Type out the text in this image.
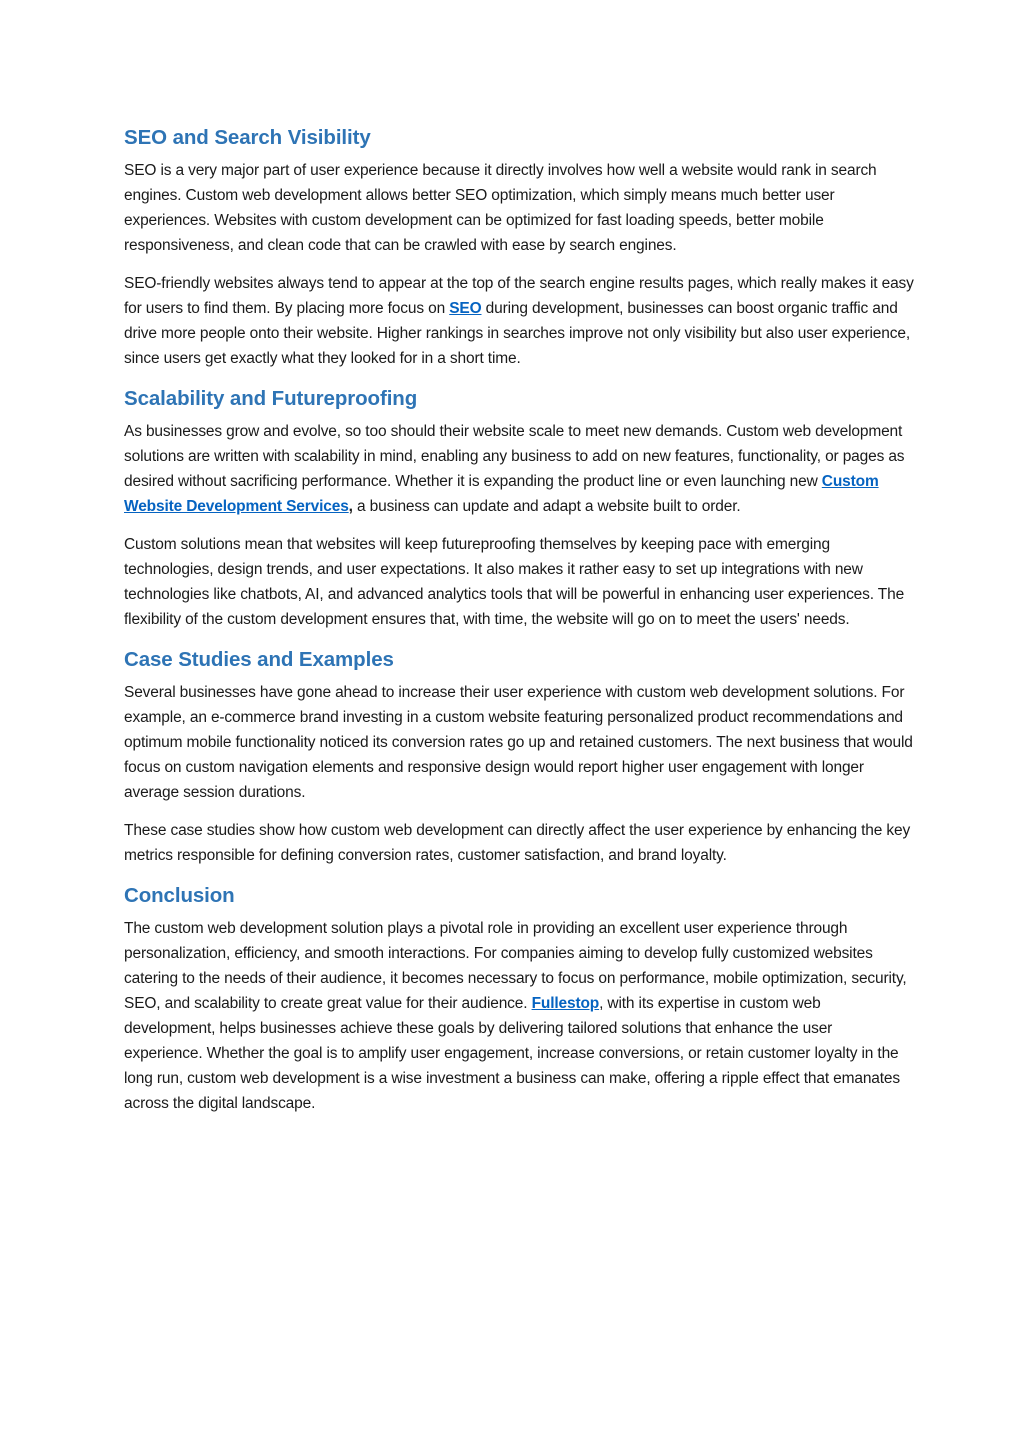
SEO and Search Visibility

SEO is a very major part of user experience because it directly involves how well a website would rank in search engines. Custom web development allows better SEO optimization, which simply means much better user experiences. Websites with custom development can be optimized for fast loading speeds, better mobile responsiveness, and clean code that can be crawled with ease by search engines.

SEO-friendly websites always tend to appear at the top of the search engine results pages, which really makes it easy for users to find them. By placing more focus on SEO during development, businesses can boost organic traffic and drive more people onto their website. Higher rankings in searches improve not only visibility but also user experience, since users get exactly what they looked for in a short time.

Scalability and Futureproofing

As businesses grow and evolve, so too should their website scale to meet new demands. Custom web development solutions are written with scalability in mind, enabling any business to add on new features, functionality, or pages as desired without sacrificing performance. Whether it is expanding the product line or even launching new Custom Website Development Services, a business can update and adapt a website built to order.

Custom solutions mean that websites will keep futureproofing themselves by keeping pace with emerging technologies, design trends, and user expectations. It also makes it rather easy to set up integrations with new technologies like chatbots, AI, and advanced analytics tools that will be powerful in enhancing user experiences. The flexibility of the custom development ensures that, with time, the website will go on to meet the users' needs.

Case Studies and Examples

Several businesses have gone ahead to increase their user experience with custom web development solutions. For example, an e-commerce brand investing in a custom website featuring personalized product recommendations and optimum mobile functionality noticed its conversion rates go up and retained customers. The next business that would focus on custom navigation elements and responsive design would report higher user engagement with longer average session durations.

These case studies show how custom web development can directly affect the user experience by enhancing the key metrics responsible for defining conversion rates, customer satisfaction, and brand loyalty.

Conclusion

The custom web development solution plays a pivotal role in providing an excellent user experience through personalization, efficiency, and smooth interactions. For companies aiming to develop fully customized websites catering to the needs of their audience, it becomes necessary to focus on performance, mobile optimization, security, SEO, and scalability to create great value for their audience. Fullestop, with its expertise in custom web development, helps businesses achieve these goals by delivering tailored solutions that enhance the user experience. Whether the goal is to amplify user engagement, increase conversions, or retain customer loyalty in the long run, custom web development is a wise investment a business can make, offering a ripple effect that emanates across the digital landscape.
